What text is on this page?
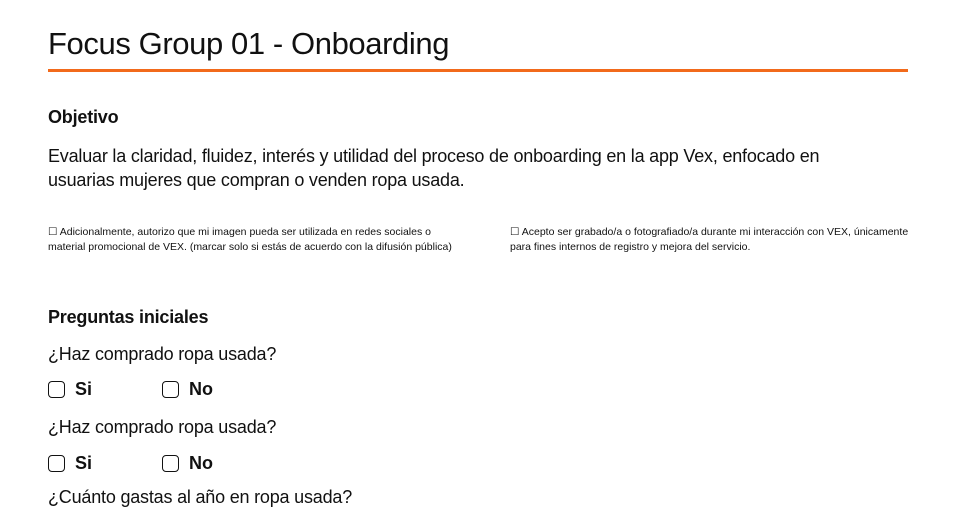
Focus Group 01 - Onboarding
Objetivo

Evaluar la claridad, fluidez, interés y utilidad del proceso de onboarding en la app Vex, enfocado en usuarias mujeres que compran o venden ropa usada.

☐ Adicionalmente, autorizo que mi imagen pueda ser utilizada en redes sociales o material promocional de VEX. (marcar solo si estás de acuerdo con la difusión pública)

☐ Acepto ser grabado/a o fotografiado/a durante mi interacción con VEX, únicamente para fines internos de registro y mejora del servicio.

Preguntas iniciales

¿Haz comprado ropa usada?

Si	No

¿Haz comprado ropa usada?

Si	No

¿Cuánto gastas al año en ropa usada?
